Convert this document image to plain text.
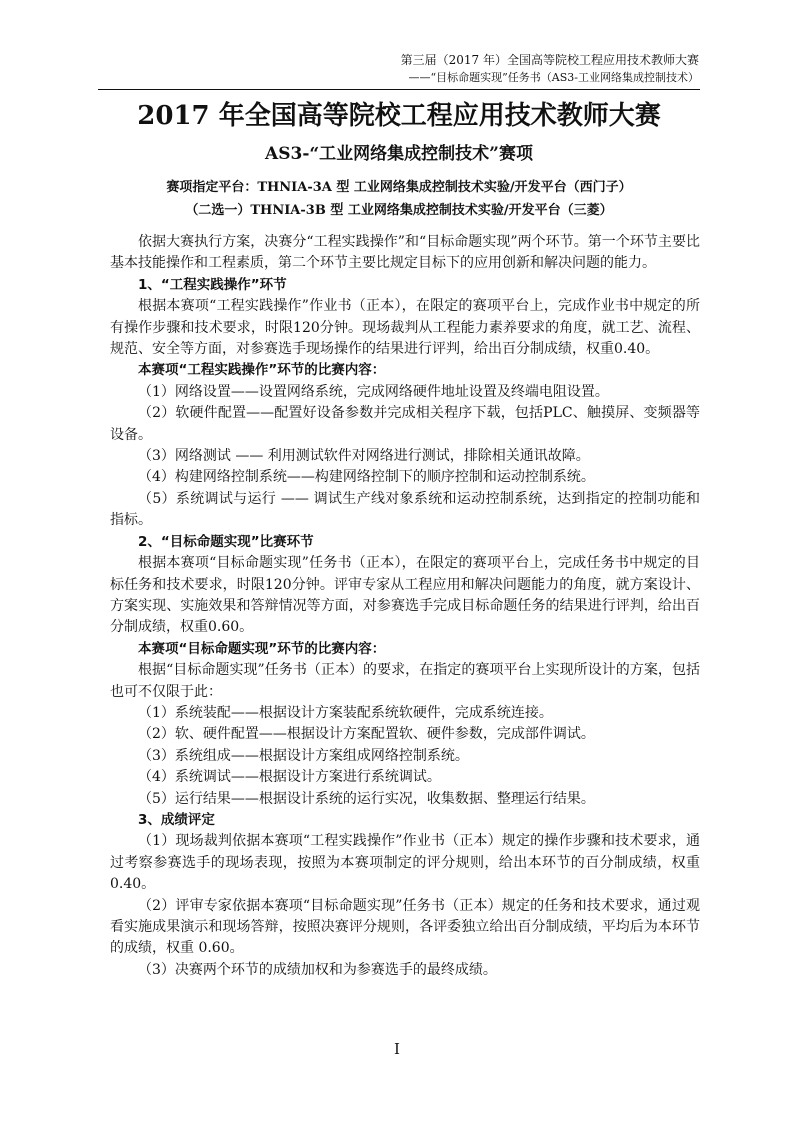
第三届（2017 年）全国高等院校工程应用技术教师大赛
——“目标命题实现”任务书（AS3-工业网络集成控制技术）
2017 年全国高等院校工程应用技术教师大赛
AS3-“工业网络集成控制技术”赛项
赛项指定平台：THNIA-3A 型 工业网络集成控制技术实验/开发平台（西门子）
（二选一）THNIA-3B 型 工业网络集成控制技术实验/开发平台（三菱）

依据大赛执行方案，决赛分“工程实践操作”和“目标命题实现”两个环节。第一个环节主要比基本技能操作和工程素质，第二个环节主要比规定目标下的应用创新和解决问题的能力。

1、“工程实践操作”环节

根据本赛项“工程实践操作”作业书（正本），在限定的赛项平台上，完成作业书中规定的所有操作步骤和技术要求，时限120分钟。现场裁判从工程能力素养要求的角度，就工艺、流程、规范、安全等方面，对参赛选手现场操作的结果进行评判，给出百分制成绩，权重0.40。

本赛项“工程实践操作”环节的比赛内容：

（1）网络设置——设置网络系统，完成网络硬件地址设置及终端电阻设置。

（2）软硬件配置——配置好设备参数并完成相关程序下载，包括PLC、触摸屏、变频器等设备。

（3）网络测试 —— 利用测试软件对网络进行测试，排除相关通讯故障。

（4）构建网络控制系统——构建网络控制下的顺序控制和运动控制系统。

（5）系统调试与运行 —— 调试生产线对象系统和运动控制系统，达到指定的控制功能和指标。

2、“目标命题实现”比赛环节

根据本赛项“目标命题实现”任务书（正本），在限定的赛项平台上，完成任务书中规定的目标任务和技术要求，时限120分钟。评审专家从工程应用和解决问题能力的角度，就方案设计、方案实现、实施效果和答辩情况等方面，对参赛选手完成目标命题任务的结果进行评判，给出百分制成绩，权重0.60。

本赛项“目标命题实现”环节的比赛内容：

根据“目标命题实现”任务书（正本）的要求，在指定的赛项平台上实现所设计的方案，包括也可不仅限于此：

（1）系统装配——根据设计方案装配系统软硬件，完成系统连接。

（2）软、硬件配置——根据设计方案配置软、硬件参数，完成部件调试。

（3）系统组成——根据设计方案组成网络控制系统。

（4）系统调试——根据设计方案进行系统调试。

（5）运行结果——根据设计系统的运行实况，收集数据、整理运行结果。

3、成绩评定

（1）现场裁判依据本赛项“工程实践操作”作业书（正本）规定的操作步骤和技术要求，通过考察参赛选手的现场表现，按照为本赛项制定的评分规则，给出本环节的百分制成绩，权重 0.40。

（2）评审专家依据本赛项“目标命题实现”任务书（正本）规定的任务和技术要求，通过观看实施成果演示和现场答辩，按照决赛评分规则，各评委独立给出百分制成绩，平均后为本环节的成绩，权重 0.60。

（3）决赛两个环节的成绩加权和为参赛选手的最终成绩。

I
